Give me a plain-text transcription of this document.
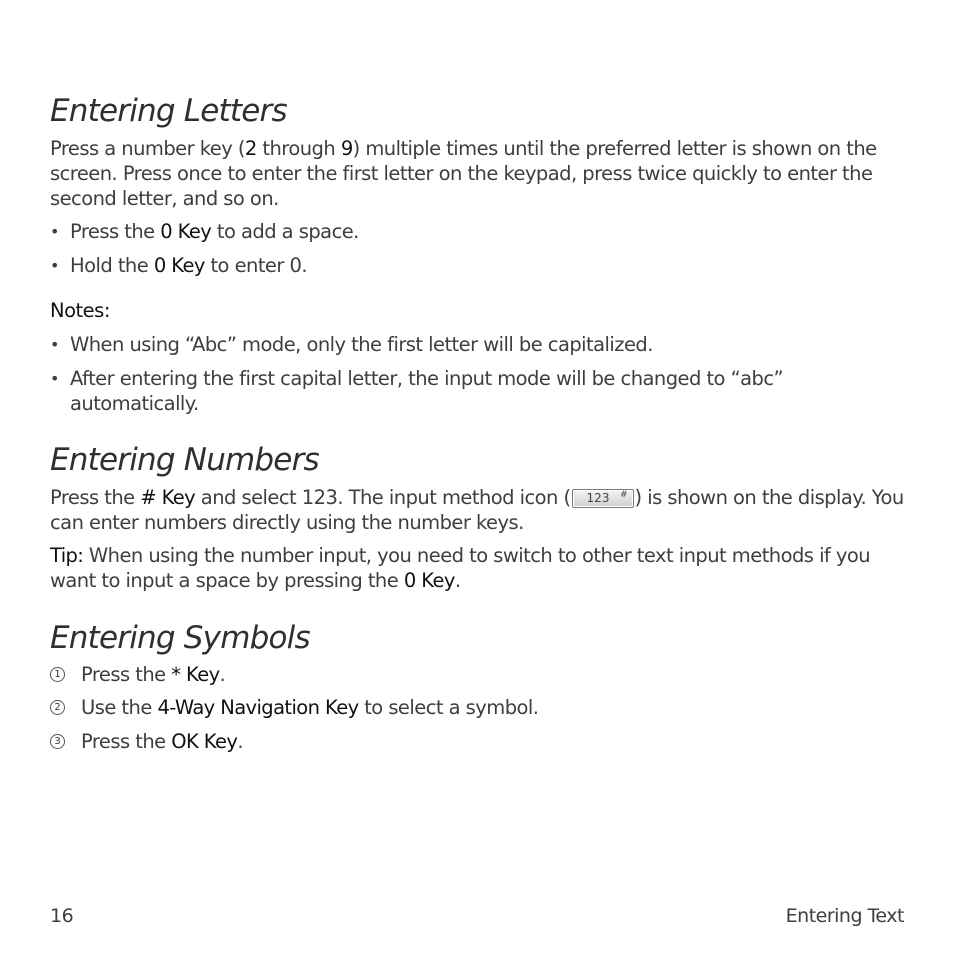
Entering Letters

Press a number key (2 through 9) multiple times until the preferred letter is shown on the screen. Press once to enter the first letter on the keypad, press twice quickly to enter the second letter, and so on.

• Press the 0 Key to add a space.
• Hold the 0 Key to enter 0.
Notes:
• When using “Abc” mode, only the first letter will be capitalized.
• After entering the first capital letter, the input mode will be changed to “abc” automatically.
Entering Numbers

Press the # Key and select 123. The input method icon ( 123 # ) is shown on the display. You can enter numbers directly using the number keys.

Tip: When using the number input, you need to switch to other text input methods if you want to input a space by pressing the 0 Key.

Entering Symbols
1 Press the * Key.
2 Use the 4-Way Navigation Key to select a symbol.
3 Press the OK Key.
16	Entering Text
